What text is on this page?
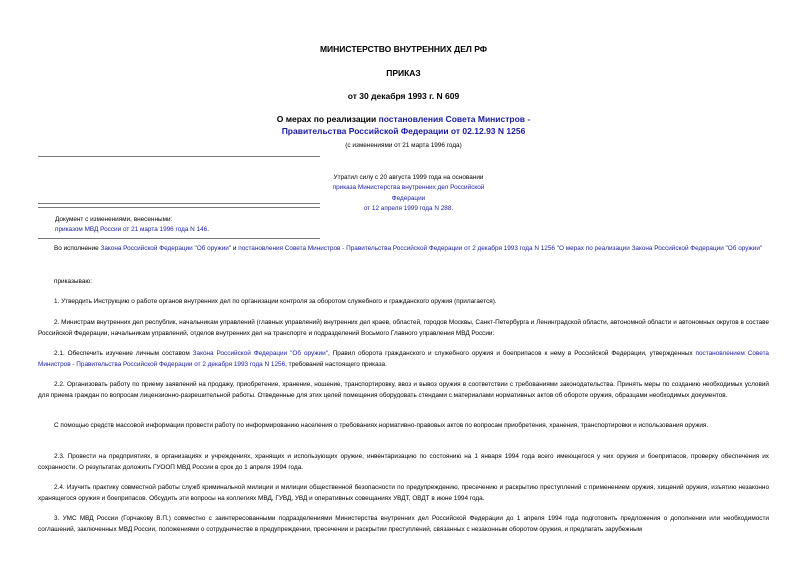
МИНИСТЕРСТВО ВНУТРЕННИХ ДЕЛ РФ
ПРИКАЗ
от 30 декабря 1993 г. N 609
О мерах по реализации постановления Совета Министров -
Правительства Российской Федерации от 02.12.93 N 1256
(с изменениями от 21 марта 1996 года)
Утратил силу с 20 августа 1999 года на основании
приказа Министерства внутренних дел Российской Федерации
от 12 апреля 1999 года N 288.
Документ с изменениями, внесенными:
приказом МВД России от 21 марта 1996 года N 146.
Во исполнение Закона Российской Федерации "Об оружии" и постановления Совета Министров - Правительства Российской Федерации от 2 декабря 1993 года N 1256 "О мерах по реализации Закона Российской Федерации "Об оружии"
приказываю:
1. Утвердить Инструкцию о работе органов внутренних дел по организации контроля за оборотом служебного и гражданского оружия (прилагается).
2. Министрам внутренних дел республик, начальникам управлений (главных управлений) внутренних дел краев, областей, городов Москвы, Санкт-Петербурга и Ленинградской области, автономной области и автономных округов в составе Российской Федерации, начальникам управлений, отделов внутренних дел на транспорте и подразделений Восьмого Главного управления МВД России:
2.1. Обеспечить изучение личным составом Закона Российской Федерации "Об оружии", Правил оборота гражданского и служебного оружия и боеприпасов к нему в Российской Федерации, утвержденных постановлением Совета Министров - Правительства Российской Федерации от 2 декабря 1993 года N 1256, требований настоящего приказа.
2.2. Организовать работу по приему заявлений на продажу, приобретение, хранение, ношение, транспортировку, ввоз и вывоз оружия в соответствии с требованиями законодательства. Принять меры по созданию необходимых условий для приема граждан по вопросам лицензионно-разрешительной работы. Отведенные для этих целей помещения оборудовать стендами с материалами нормативных актов об обороте оружия, образцами необходимых документов.
С помощью средств массовой информации провести работу по информированию населения о требованиях нормативно-правовых актов по вопросам приобретения, хранения, транспортировки и использования оружия.
2.3. Провести на предприятиях, в организациях и учреждениях, хранящих и использующих оружие, инвентаризацию по состоянию на 1 января 1994 года всего имеющегося у них оружия и боеприпасов, проверку обеспечения их сохранности. О результатах доложить ГУООП МВД России в срок до 1 апреля 1994 года.
2.4. Изучить практику совместной работы служб криминальной милиции и милиции общественной безопасности по предупреждению, пресечению и раскрытию преступлений с применением оружия, хищений оружия, изъятию незаконно хранящегося оружия и боеприпасов. Обсудить эти вопросы на коллегиях МВД, ГУВД, УВД и оперативных совещаниях УВДТ, ОВДТ в июне 1994 года.
3. УМС МВД России (Горчакову В.П.) совместно с заинтересованными подразделениями Министерства внутренних дел Российской Федерации до 1 апреля 1994 года подготовить предложения о дополнении или необходимости соглашений, заключенных МВД России, положениями о сотрудничестве в предупреждении, пресечении и раскрытии преступлений, связанных с незаконным оборотом оружия, и предлагать зарубежным
